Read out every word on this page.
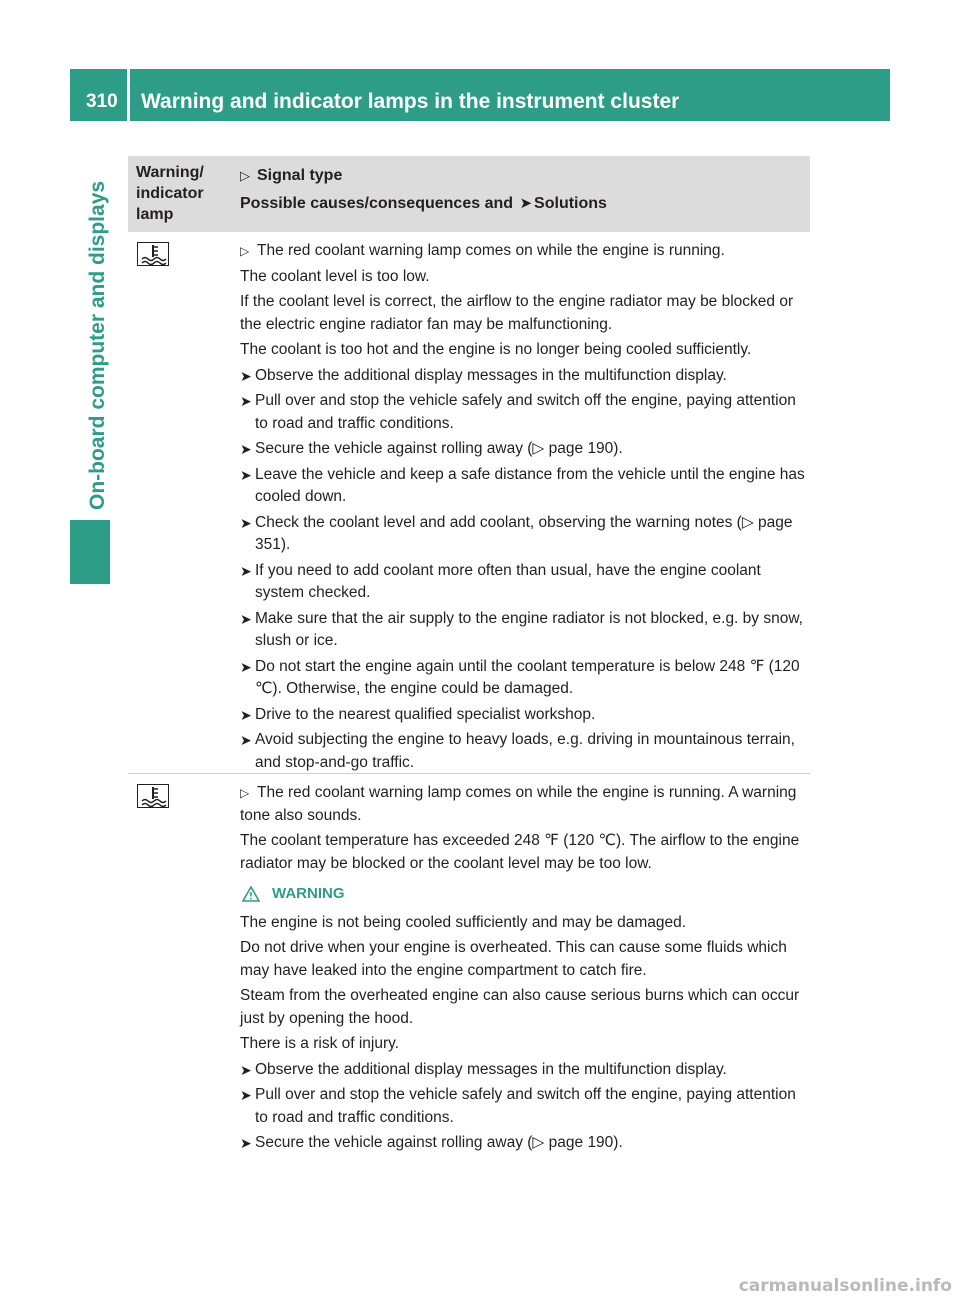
310	Warning and indicator lamps in the instrument cluster
On-board computer and displays
Warning/ indicator lamp
▷ Signal type
Possible causes/consequences and ➤ Solutions

▷ The red coolant warning lamp comes on while the engine is running.

The coolant level is too low.

If the coolant level is correct, the airflow to the engine radiator may be blocked or the electric engine radiator fan may be malfunctioning.

The coolant is too hot and the engine is no longer being cooled sufficiently.

➤ Observe the additional display messages in the multifunction display.
➤ Pull over and stop the vehicle safely and switch off the engine, paying attention to road and traffic conditions.
➤ Secure the vehicle against rolling away (▷ page 190).
➤ Leave the vehicle and keep a safe distance from the vehicle until the engine has cooled down.
➤ Check the coolant level and add coolant, observing the warning notes (▷ page 351).
➤ If you need to add coolant more often than usual, have the engine coolant system checked.
➤ Make sure that the air supply to the engine radiator is not blocked, e.g. by snow, slush or ice.
➤ Do not start the engine again until the coolant temperature is below 248 ℉ (120 ℃). Otherwise, the engine could be damaged.
➤ Drive to the nearest qualified specialist workshop.
➤ Avoid subjecting the engine to heavy loads, e.g. driving in mountainous terrain, and stop-and-go traffic.

▷ The red coolant warning lamp comes on while the engine is running. A warning tone also sounds.

The coolant temperature has exceeded 248 ℉ (120 ℃). The airflow to the engine radiator may be blocked or the coolant level may be too low.

WARNING

The engine is not being cooled sufficiently and may be damaged.

Do not drive when your engine is overheated. This can cause some fluids which may have leaked into the engine compartment to catch fire.

Steam from the overheated engine can also cause serious burns which can occur just by opening the hood.

There is a risk of injury.

➤ Observe the additional display messages in the multifunction display.
➤ Pull over and stop the vehicle safely and switch off the engine, paying attention to road and traffic conditions.
➤ Secure the vehicle against rolling away (▷ page 190).
carmanualsonline.info
